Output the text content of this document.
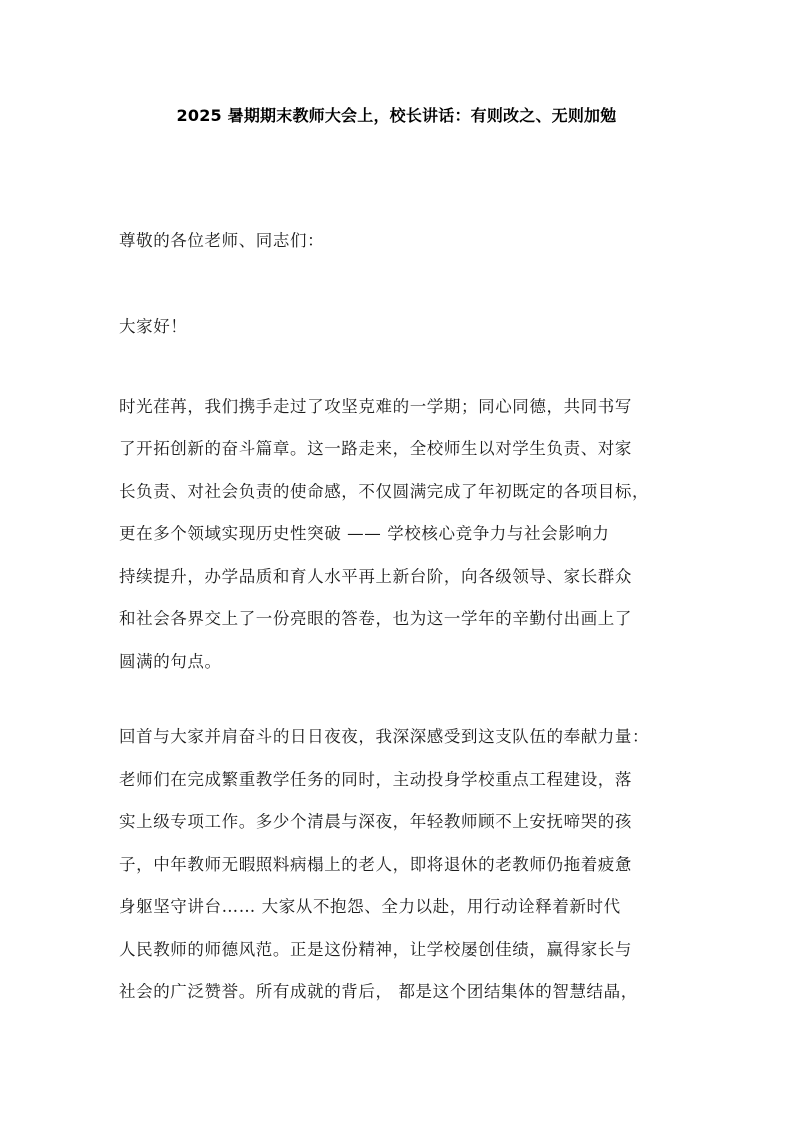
2025 暑期期末教师大会上，校长讲话：有则改之、无则加勉
尊敬的各位老师、同志们：
大家好！
时光荏苒，我们携手走过了攻坚克难的一学期；同心同德，共同书写
了开拓创新的奋斗篇章。这一路走来，全校师生以对学生负责、对家
长负责、对社会负责的使命感，不仅圆满完成了年初既定的各项目标，
更在多个领域实现历史性突破 —— 学校核心竞争力与社会影响力
持续提升，办学品质和育人水平再上新台阶，向各级领导、家长群众
和社会各界交上了一份亮眼的答卷，也为这一学年的辛勤付出画上了
圆满的句点。
回首与大家并肩奋斗的日日夜夜，我深深感受到这支队伍的奉献力量：
老师们在完成繁重教学任务的同时，主动投身学校重点工程建设，落
实上级专项工作。多少个清晨与深夜，年轻教师顾不上安抚啼哭的孩
子，中年教师无暇照料病榻上的老人，即将退休的老教师仍拖着疲惫
身躯坚守讲台…… 大家从不抱怨、全力以赴，用行动诠释着新时代
人民教师的师德风范。正是这份精神，让学校屡创佳绩，赢得家长与
社会的广泛赞誉。所有成就的背后， 都是这个团结集体的智慧结晶，
